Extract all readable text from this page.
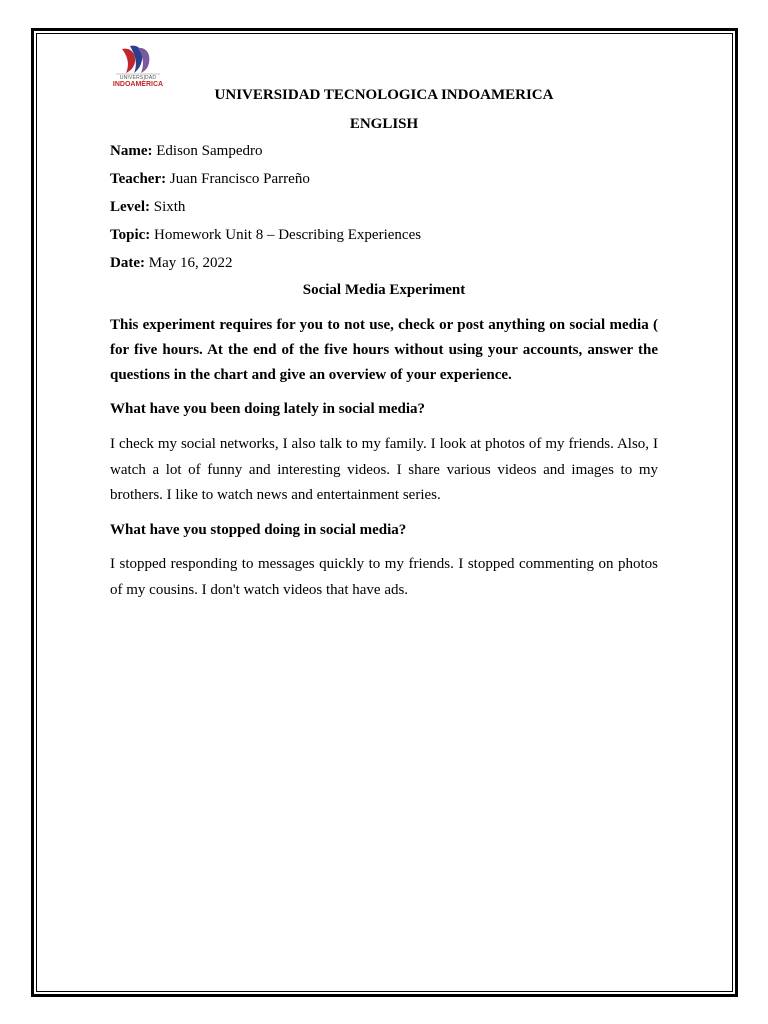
UNIVERSIDAD
INDOAMÉRICA
UNIVERSIDAD TECNOLOGICA INDOAMERICA
ENGLISH
Name: Edison Sampedro
Teacher: Juan Francisco Parreño
Level: Sixth
Topic: Homework Unit 8 – Describing Experiences
Date: May 16, 2022
Social Media Experiment
This experiment requires for you to not use, check or post anything on social media ( for five hours. At the end of the five hours without using your accounts, answer the questions in the chart and give an overview of your experience.
What have you been doing lately in social media?
I check my social networks, I also talk to my family. I look at photos of my friends. Also, I watch a lot of funny and interesting videos. I share various videos and images to my brothers. I like to watch news and entertainment series.
What have you stopped doing in social media?
I stopped responding to messages quickly to my friends. I stopped commenting on photos of my cousins. I don't watch videos that have ads.
